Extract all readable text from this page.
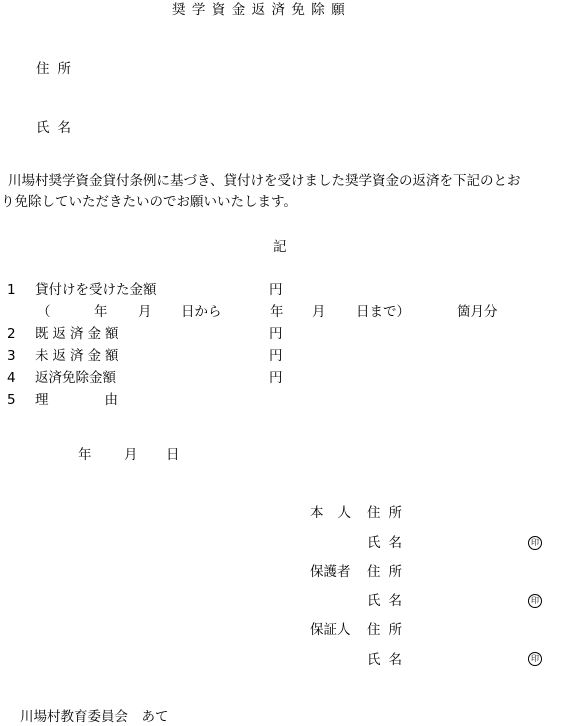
奨学資金返済免除願
住所
氏名
川場村奨学資金貸付条例に基づき、貸付けを受けました奨学資金の返済を下記のとお
り免除していただきたいのでお願いいたします。
記
1 貸付けを受けた金額	円
（	年 月 日から	年 月 日まで）	箇月分
2 既返済金額	円
3 未返済金額	円
4 返済免除金額	円
5 理由
年 月 日
本人 住所
氏名	印
保護者 住所
氏名	印
保証人 住所
氏名	印
川場村教育委員会　あて
